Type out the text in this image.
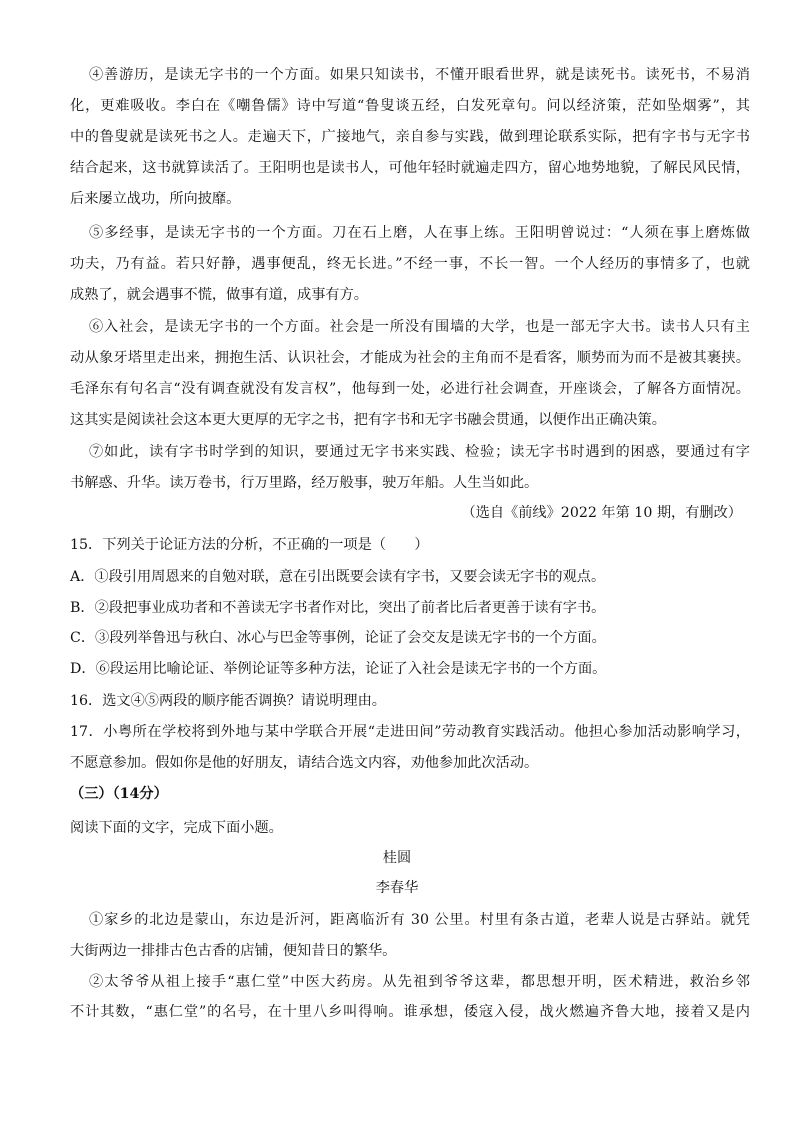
④善游历，是读无字书的一个方面。如果只知读书，不懂开眼看世界，就是读死书。读死书，不易消
化，更难吸收。李白在《嘲鲁儒》诗中写道“鲁叟谈五经，白发死章句。问以经济策，茫如坠烟雾”，其
中的鲁叟就是读死书之人。走遍天下，广接地气，亲自参与实践，做到理论联系实际，把有字书与无字书
结合起来，这书就算读活了。王阳明也是读书人，可他年轻时就遍走四方，留心地势地貌，了解民风民情，
后来屡立战功，所向披靡。
⑤多经事，是读无字书的一个方面。刀在石上磨，人在事上练。王阳明曾说过：“人须在事上磨炼做
功夫，乃有益。若只好静，遇事便乱，终无长进。”不经一事，不长一智。一个人经历的事情多了，也就
成熟了，就会遇事不慌，做事有道，成事有方。
⑥入社会，是读无字书的一个方面。社会是一所没有围墙的大学，也是一部无字大书。读书人只有主
动从象牙塔里走出来，拥抱生活、认识社会，才能成为社会的主角而不是看客，顺势而为而不是被其裹挟。
毛泽东有句名言“没有调查就没有发言权”，他每到一处，必进行社会调查，开座谈会，了解各方面情况。
这其实是阅读社会这本更大更厚的无字之书，把有字书和无字书融会贯通，以便作出正确决策。
⑦如此，读有字书时学到的知识，要通过无字书来实践、检验；读无字书时遇到的困惑，要通过有字
书解惑、升华。读万卷书，行万里路，经万般事，驶万年船。人生当如此。
（选自《前线》2022 年第 10 期，有删改）
15．下列关于论证方法的分析，不正确的一项是（　　）
A．①段引用周恩来的自勉对联，意在引出既要会读有字书，又要会读无字书的观点。
B．②段把事业成功者和不善读无字书者作对比，突出了前者比后者更善于读有字书。
C．③段列举鲁迅与秋白、冰心与巴金等事例，论证了会交友是读无字书的一个方面。
D．⑥段运用比喻论证、举例论证等多种方法，论证了入社会是读无字书的一个方面。
16．选文④⑤两段的顺序能否调换？请说明理由。
17．小粤所在学校将到外地与某中学联合开展“走进田间”劳动教育实践活动。他担心参加活动影响学习，
不愿意参加。假如你是他的好朋友，请结合选文内容，劝他参加此次活动。
（三）（14分）
阅读下面的文字，完成下面小题。
桂圆
李春华
①家乡的北边是蒙山，东边是沂河，距离临沂有 30 公里。村里有条古道，老辈人说是古驿站。就凭
大街两边一排排古色古香的店铺，便知昔日的繁华。
②太爷爷从祖上接手“惠仁堂”中医大药房。从先祖到爷爷这辈，都思想开明，医术精进，救治乡邻
不计其数，“惠仁堂”的名号，在十里八乡叫得响。谁承想，倭寇入侵，战火燃遍齐鲁大地，接着又是内
